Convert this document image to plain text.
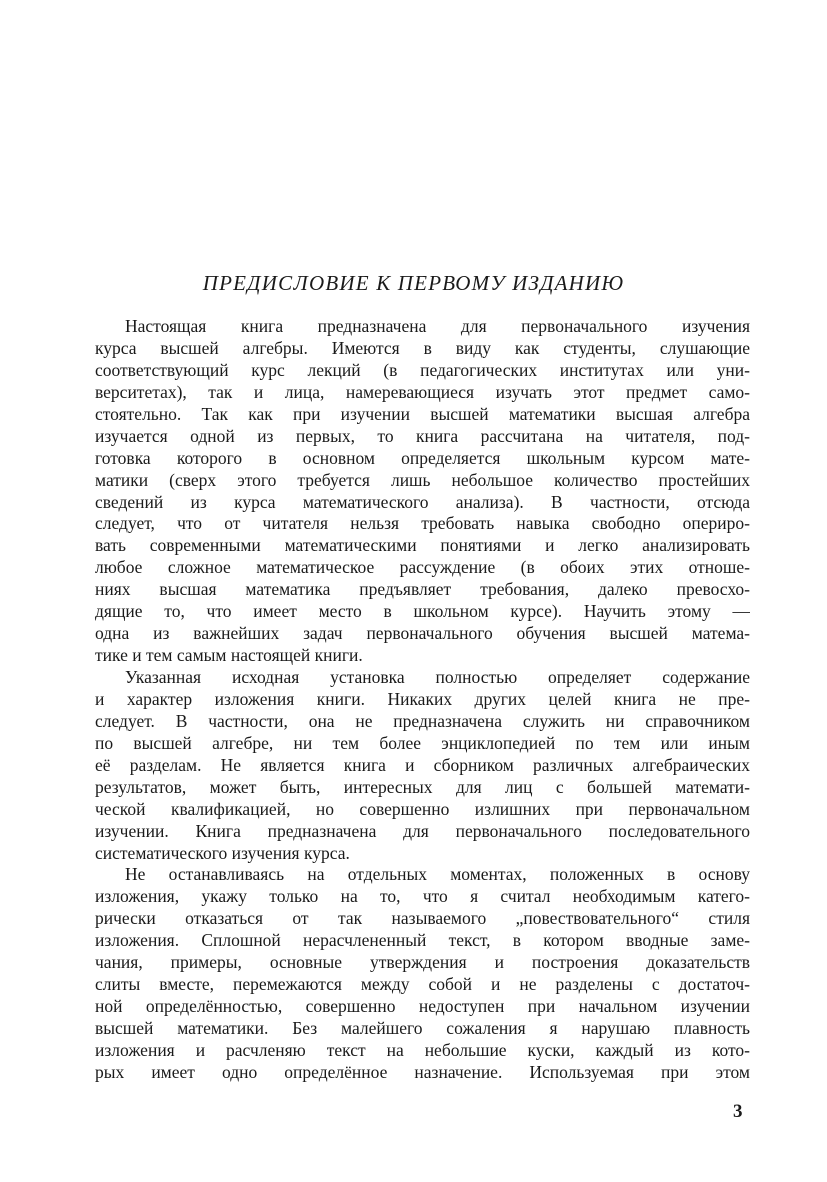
ПРЕДИСЛОВИЕ К ПЕРВОМУ ИЗДАНИЮ
Настоящая книга предназначена для первоначального изучения
курса высшей алгебры. Имеются в виду как студенты, слушающие
соответствующий курс лекций (в педагогических институтах или уни-
верситетах), так и лица, намеревающиеся изучать этот предмет само-
стоятельно. Так как при изучении высшей математики высшая алгебра
изучается одной из первых, то книга рассчитана на читателя, под-
готовка которого в основном определяется школьным курсом мате-
матики (сверх этого требуется лишь небольшое количество простейших
сведений из курса математического анализа). В частности, отсюда
следует, что от читателя нельзя требовать навыка свободно опериро-
вать современными математическими понятиями и легко анализировать
любое сложное математическое рассуждение (в обоих этих отноше-
ниях высшая математика предъявляет требования, далеко превосхо-
дящие то, что имеет место в школьном курсе). Научить этому —
одна из важнейших задач первоначального обучения высшей матема-
тике и тем самым настоящей книги.
Указанная исходная установка полностью определяет содержание
и характер изложения книги. Никаких других целей книга не пре-
следует. В частности, она не предназначена служить ни справочником
по высшей алгебре, ни тем более энциклопедией по тем или иным
её разделам. Не является книга и сборником различных алгебраических
результатов, может быть, интересных для лиц с большей математи-
ческой квалификацией, но совершенно излишних при первоначальном
изучении. Книга предназначена для первоначального последовательного
систематического изучения курса.
Не останавливаясь на отдельных моментах, положенных в основу
изложения, укажу только на то, что я считал необходимым катего-
рически отказаться от так называемого „повествовательного“ стиля
изложения. Сплошной нерасчлененный текст, в котором вводные заме-
чания, примеры, основные утверждения и построения доказательств
слиты вместе, перемежаются между собой и не разделены с достаточ-
ной определённостью, совершенно недоступен при начальном изучении
высшей математики. Без малейшего сожаления я нарушаю плавность
изложения и расчленяю текст на небольшие куски, каждый из кото-
рых имеет одно определённое назначение. Используемая при этом
3
